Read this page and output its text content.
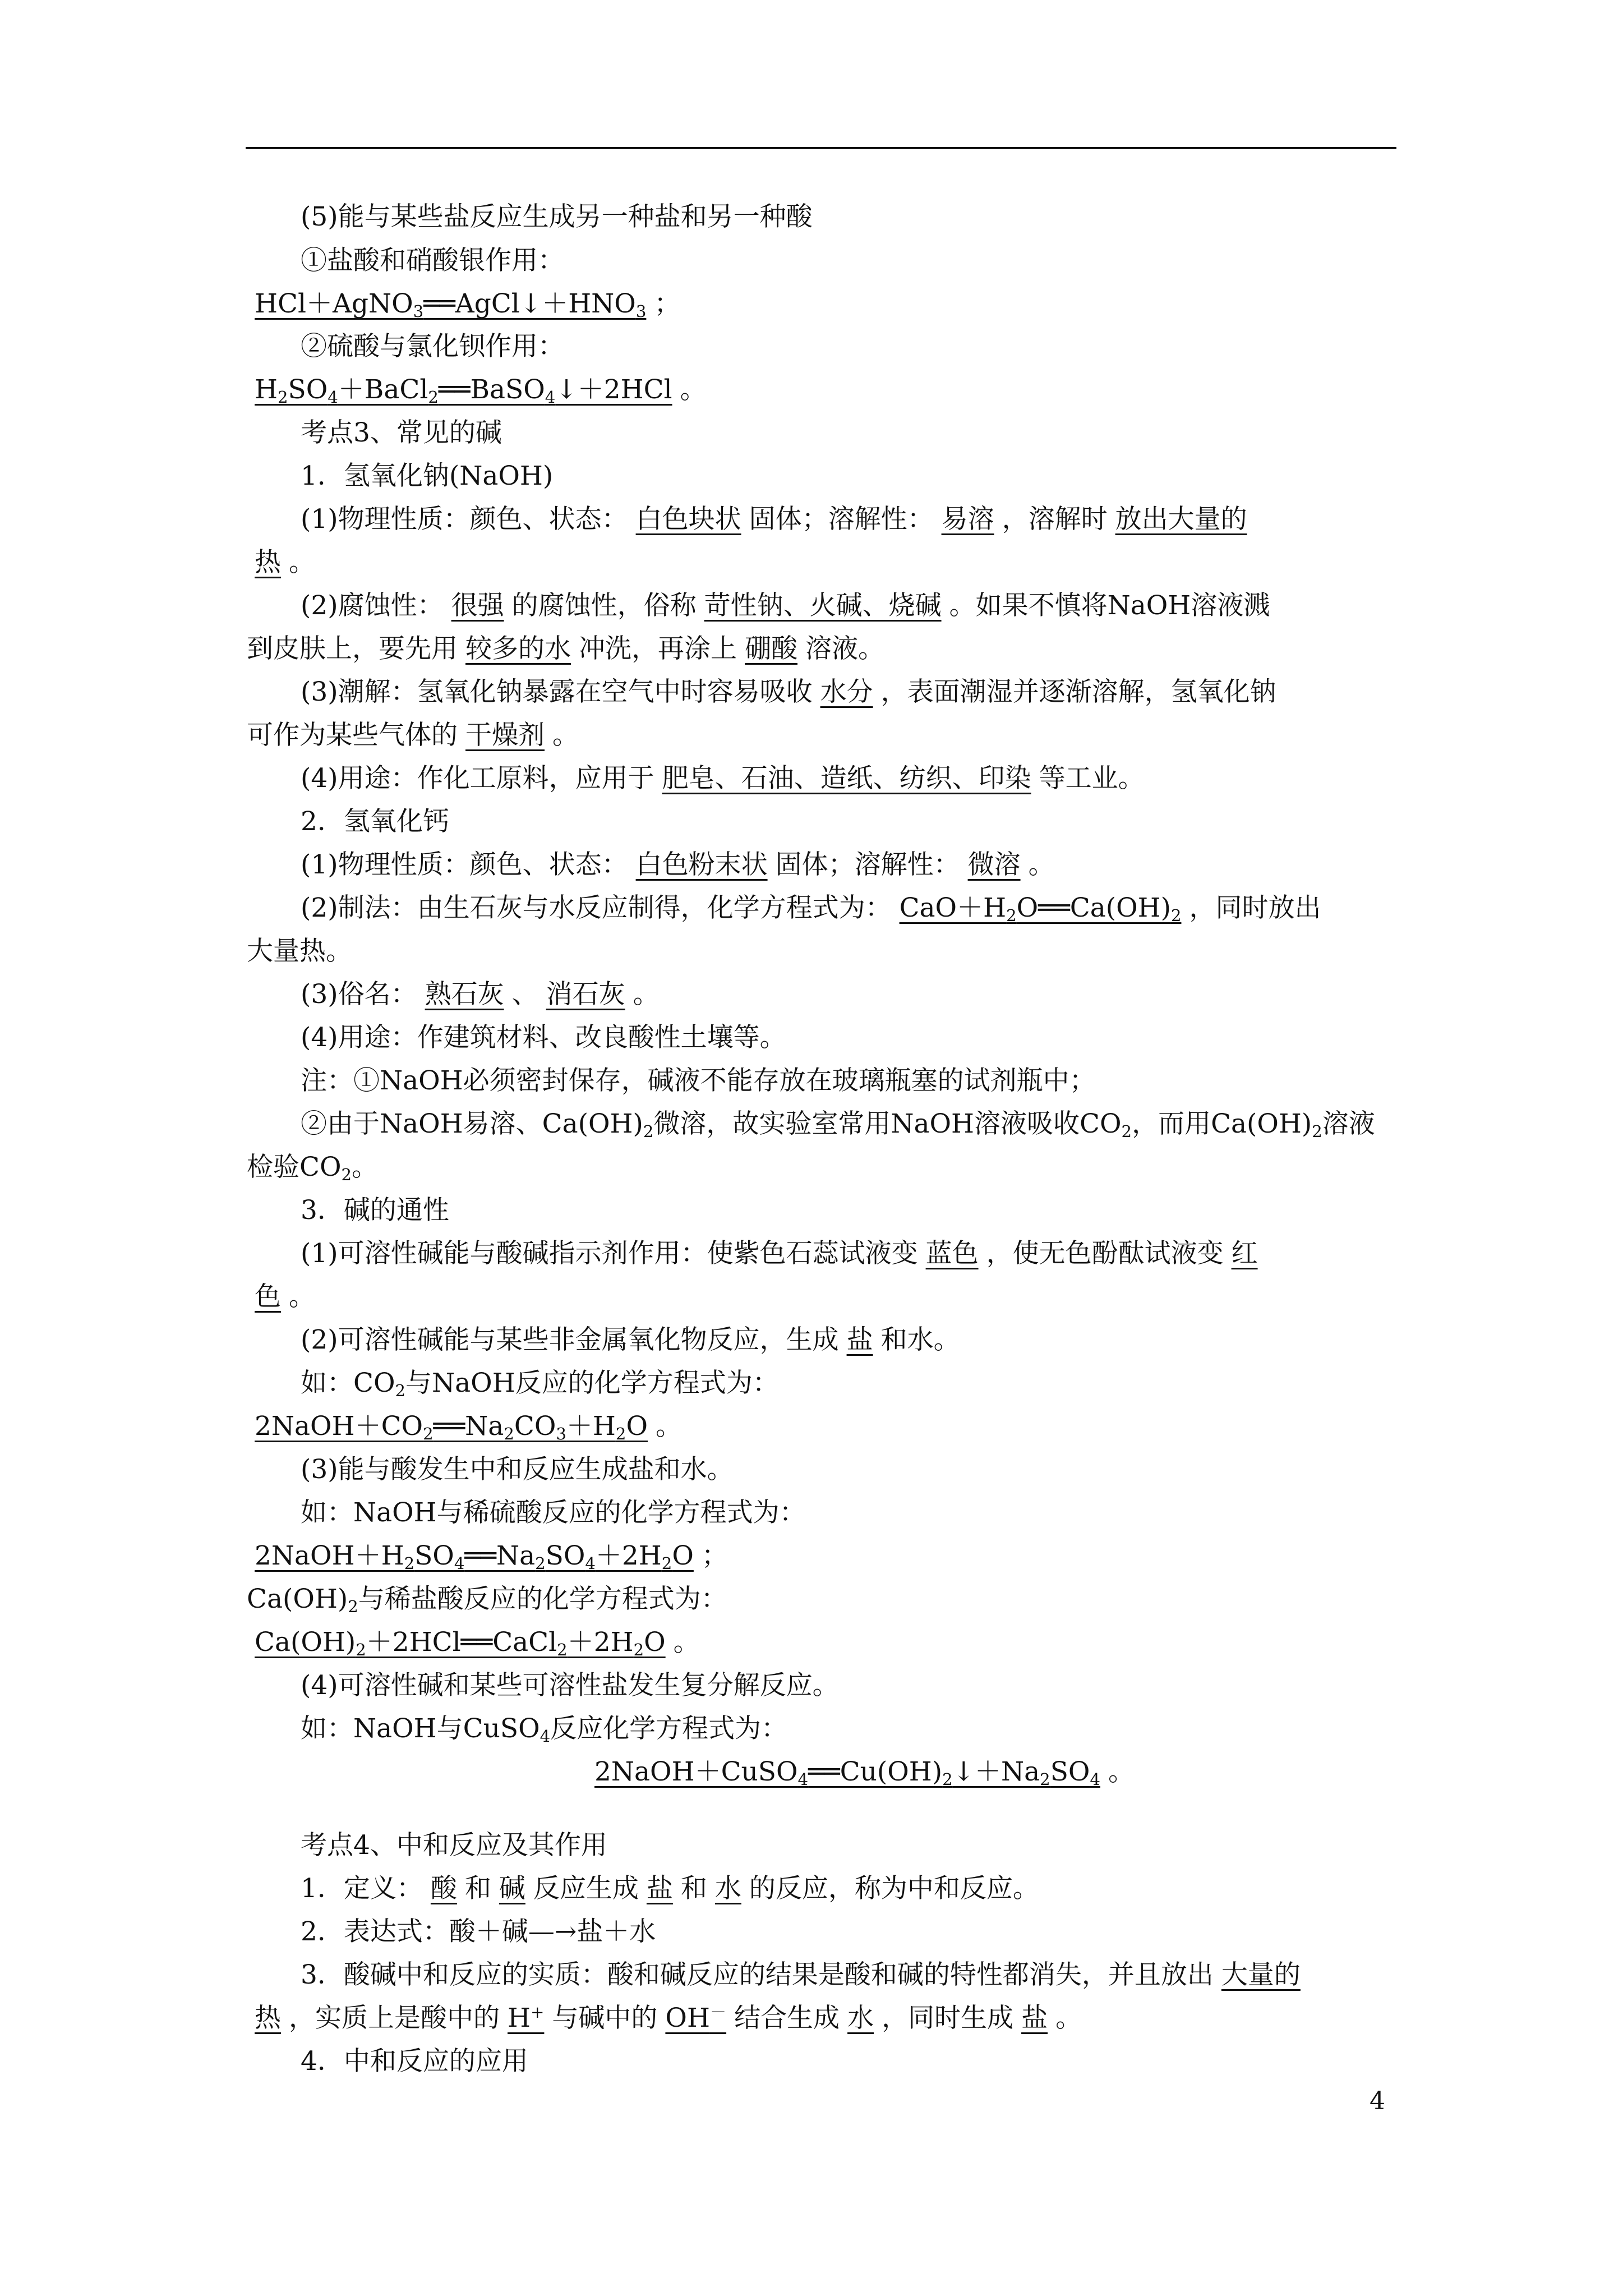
(5)能与某些盐反应生成另一种盐和另一种酸
①盐酸和硝酸银作用：
$HCl+AgNO_3══AgCl↓+HNO_3$ ；
②硫酸与氯化钡作用：
$H_2SO_4+BaCl_2══BaSO_4↓+2HCl$ 。
考点3、常见的碱
1．氢氧化钠(NaOH)
(1)物理性质：颜色、状态： 白色块状 固体；溶解性： 易溶 ，溶解时 放出大量的
热 。
(2)腐蚀性： 很强 的腐蚀性，俗称 苛性钠、火碱、烧碱 。如果不慎将NaOH溶液溅
到皮肤上，要先用 较多的水 冲洗，再涂上 硼酸 溶液。
(3)潮解：氢氧化钠暴露在空气中时容易吸收 水分 ，表面潮湿并逐渐溶解，氢氧化钠
可作为某些气体的 干燥剂 。
(4)用途：作化工原料，应用于 肥皂、石油、造纸、纺织、印染 等工业。
2．氢氧化钙
(1)物理性质：颜色、状态： 白色粉末状 固体；溶解性： 微溶 。
(2)制法：由生石灰与水反应制得，化学方程式为： $CaO+H_2O══Ca(OH)_2$ ，同时放出
大量热。
(3)俗名： 熟石灰 、 消石灰 。
(4)用途：作建筑材料、改良酸性土壤等。
注：①NaOH必须密封保存，碱液不能存放在玻璃瓶塞的试剂瓶中；
②由于NaOH易溶、$Ca(OH)_2$微溶，故实验室常用NaOH溶液吸收$CO_2$，而用$Ca(OH)_2$溶液
检验$CO_2$。
3．碱的通性
(1)可溶性碱能与酸碱指示剂作用：使紫色石蕊试液变 蓝色 ，使无色酚酞试液变 红
色 。
(2)可溶性碱能与某些非金属氧化物反应，生成 盐 和水。
如：$CO_2$与NaOH反应的化学方程式为：
$2NaOH+CO_2══Na_2CO_3+H_2O$ 。
(3)能与酸发生中和反应生成盐和水。
如：NaOH与稀硫酸反应的化学方程式为：
$2NaOH+H_2SO_4══Na_2SO_4+2H_2O$ ；
$Ca(OH)_2$与稀盐酸反应的化学方程式为：
$Ca(OH)_2+2HCl══CaCl_2+2H_2O$ 。
(4)可溶性碱和某些可溶性盐发生复分解反应。
如：NaOH与CuSO$_4$反应化学方程式为：
$2NaOH+CuSO_4══Cu(OH)_2↓+Na_2SO_4$ 。
考点4、中和反应及其作用
1．定义： 酸 和 碱 反应生成 盐 和 水 的反应，称为中和反应。
2．表达式：酸＋碱—→盐＋水
3．酸碱中和反应的实质：酸和碱反应的结果是酸和碱的特性都消失，并且放出 大量的
热 ，实质上是酸中的 H+ 与碱中的 OH－ 结合生成 水 ，同时生成 盐 。
4．中和反应的应用
4
